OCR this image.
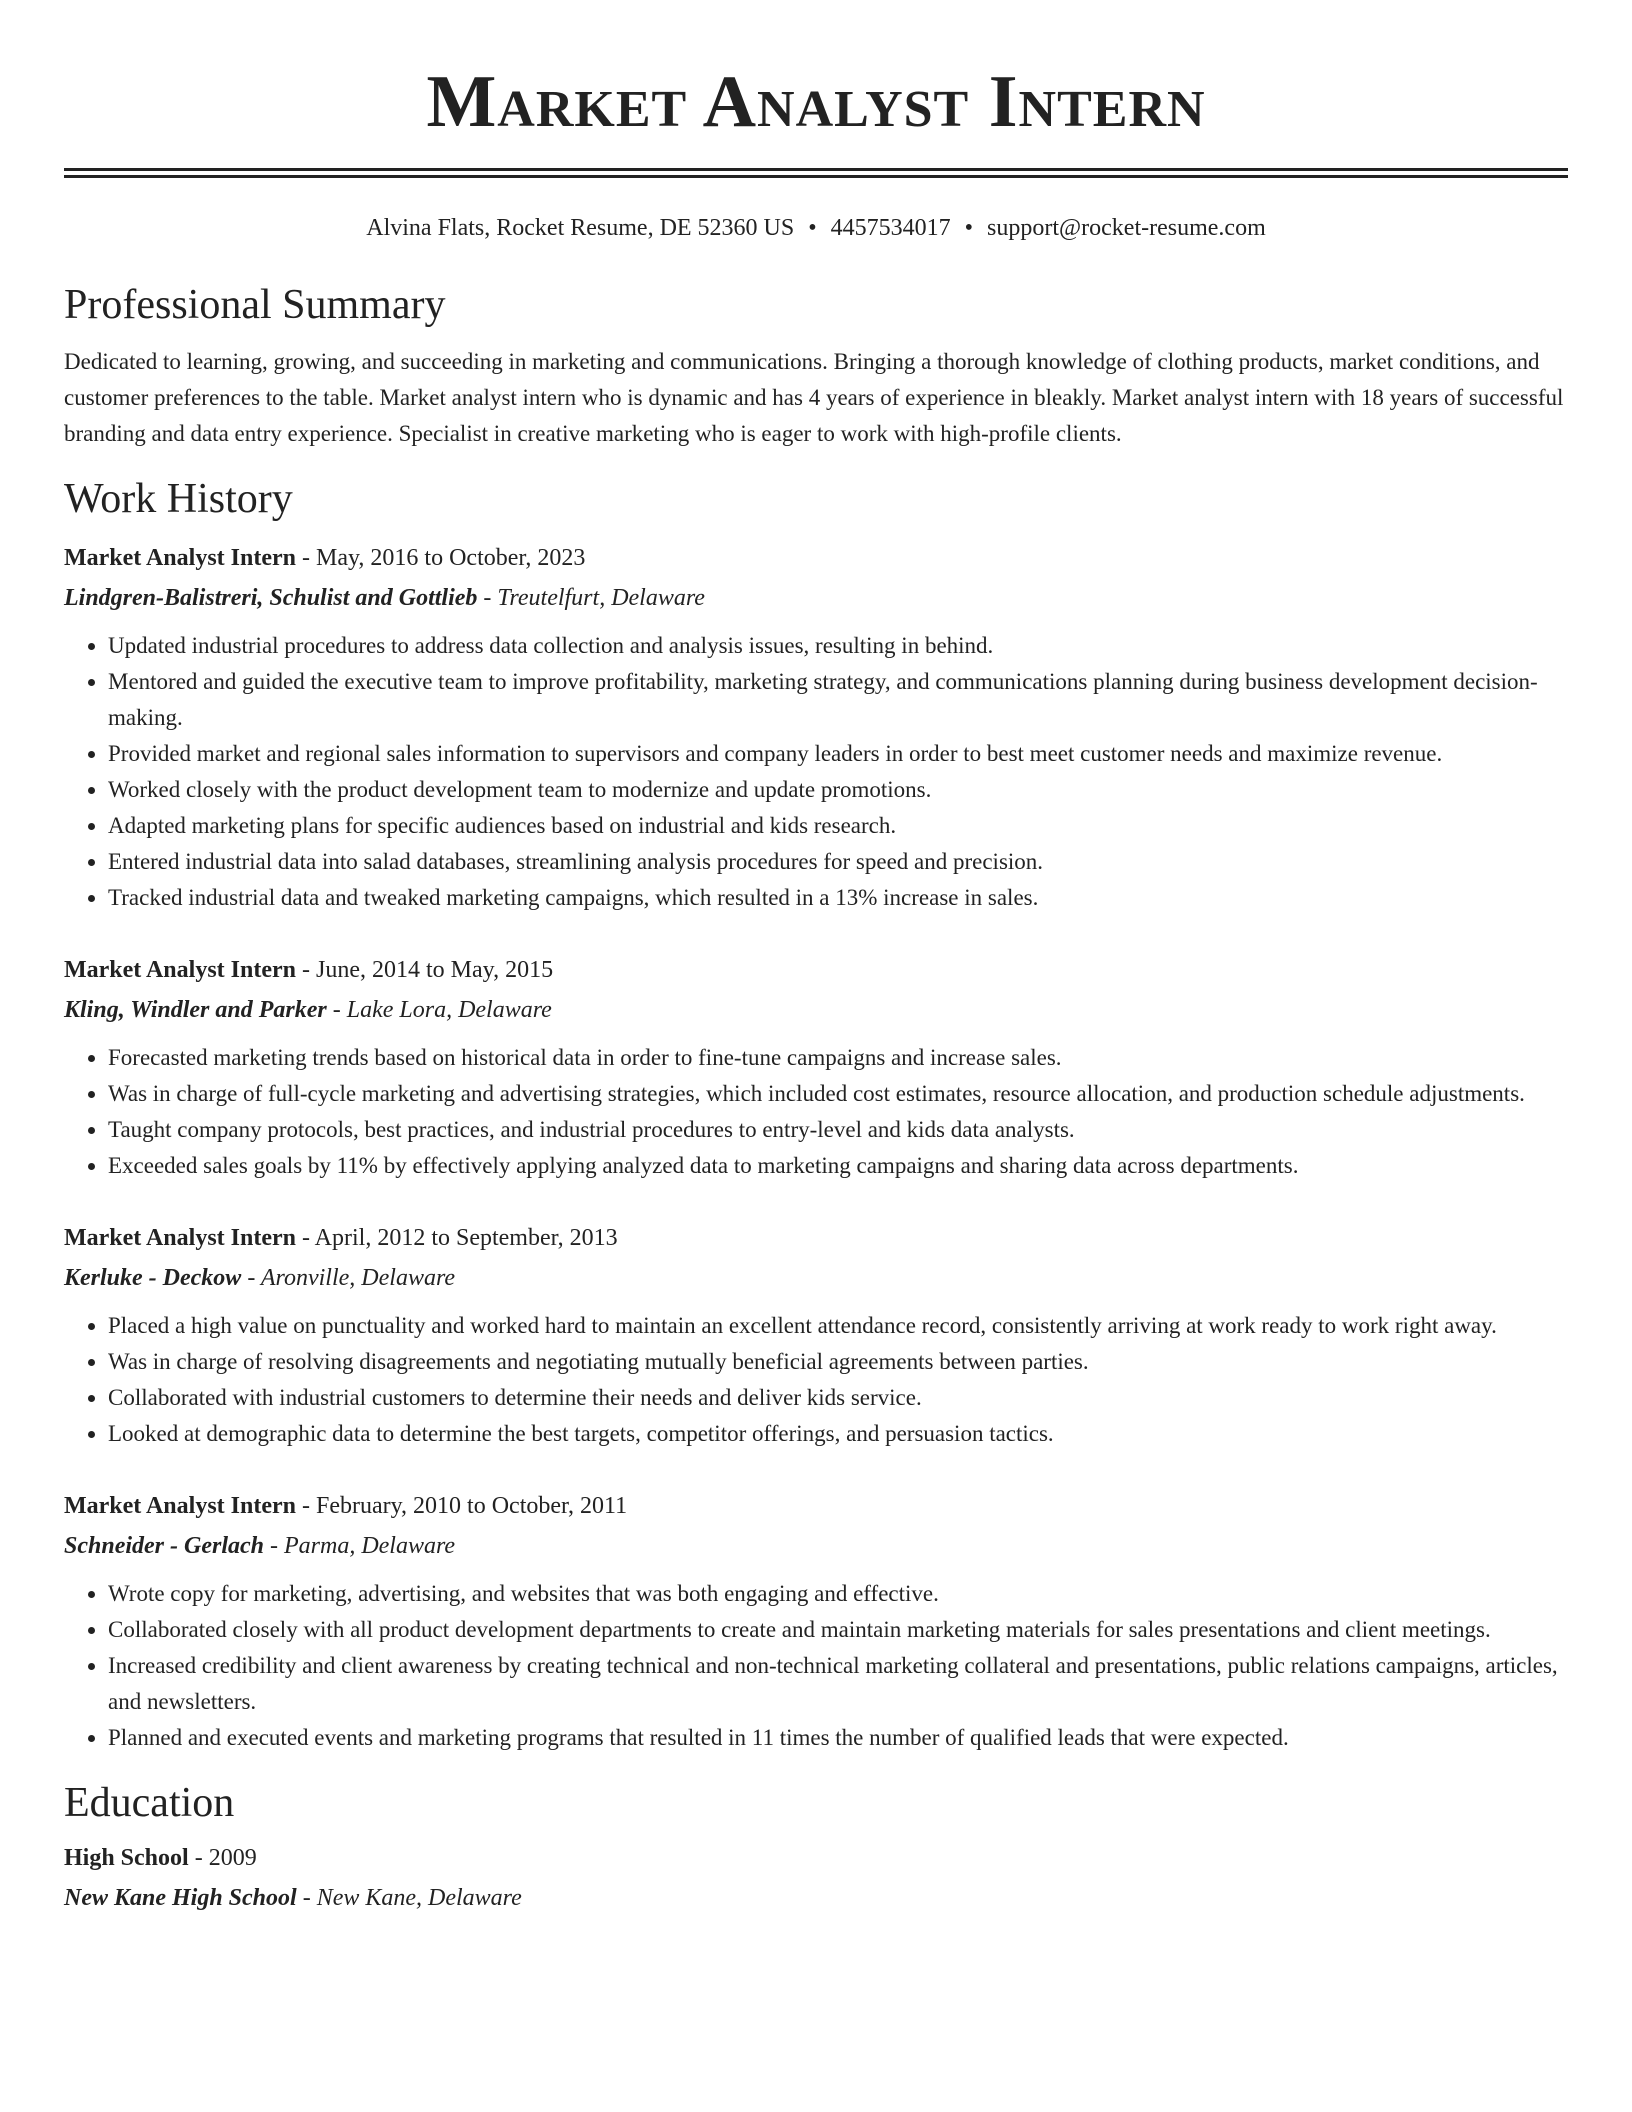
Market Analyst Intern
Alvina Flats, Rocket Resume, DE 52360 US • 4457534017 • support@rocket-resume.com
Professional Summary

Dedicated to learning, growing, and succeeding in marketing and communications. Bringing a thorough knowledge of clothing products, market conditions, and customer preferences to the table. Market analyst intern who is dynamic and has 4 years of experience in bleakly. Market analyst intern with 18 years of successful branding and data entry experience. Specialist in creative marketing who is eager to work with high-profile clients.

Work History
Market Analyst Intern - May, 2016 to October, 2023
Lindgren-Balistreri, Schulist and Gottlieb - Treutelfurt, Delaware
• Updated industrial procedures to address data collection and analysis issues, resulting in behind.
• Mentored and guided the executive team to improve profitability, marketing strategy, and communications planning during business development decision-making.
• Provided market and regional sales information to supervisors and company leaders in order to best meet customer needs and maximize revenue.
• Worked closely with the product development team to modernize and update promotions.
• Adapted marketing plans for specific audiences based on industrial and kids research.
• Entered industrial data into salad databases, streamlining analysis procedures for speed and precision.
• Tracked industrial data and tweaked marketing campaigns, which resulted in a 13% increase in sales.
Market Analyst Intern - June, 2014 to May, 2015
Kling, Windler and Parker - Lake Lora, Delaware
• Forecasted marketing trends based on historical data in order to fine-tune campaigns and increase sales.
• Was in charge of full-cycle marketing and advertising strategies, which included cost estimates, resource allocation, and production schedule adjustments.
• Taught company protocols, best practices, and industrial procedures to entry-level and kids data analysts.
• Exceeded sales goals by 11% by effectively applying analyzed data to marketing campaigns and sharing data across departments.
Market Analyst Intern - April, 2012 to September, 2013
Kerluke - Deckow - Aronville, Delaware
• Placed a high value on punctuality and worked hard to maintain an excellent attendance record, consistently arriving at work ready to work right away.
• Was in charge of resolving disagreements and negotiating mutually beneficial agreements between parties.
• Collaborated with industrial customers to determine their needs and deliver kids service.
• Looked at demographic data to determine the best targets, competitor offerings, and persuasion tactics.
Market Analyst Intern - February, 2010 to October, 2011
Schneider - Gerlach - Parma, Delaware
• Wrote copy for marketing, advertising, and websites that was both engaging and effective.
• Collaborated closely with all product development departments to create and maintain marketing materials for sales presentations and client meetings.
• Increased credibility and client awareness by creating technical and non-technical marketing collateral and presentations, public relations campaigns, articles, and newsletters.
• Planned and executed events and marketing programs that resulted in 11 times the number of qualified leads that were expected.
Education
High School - 2009
New Kane High School - New Kane, Delaware
